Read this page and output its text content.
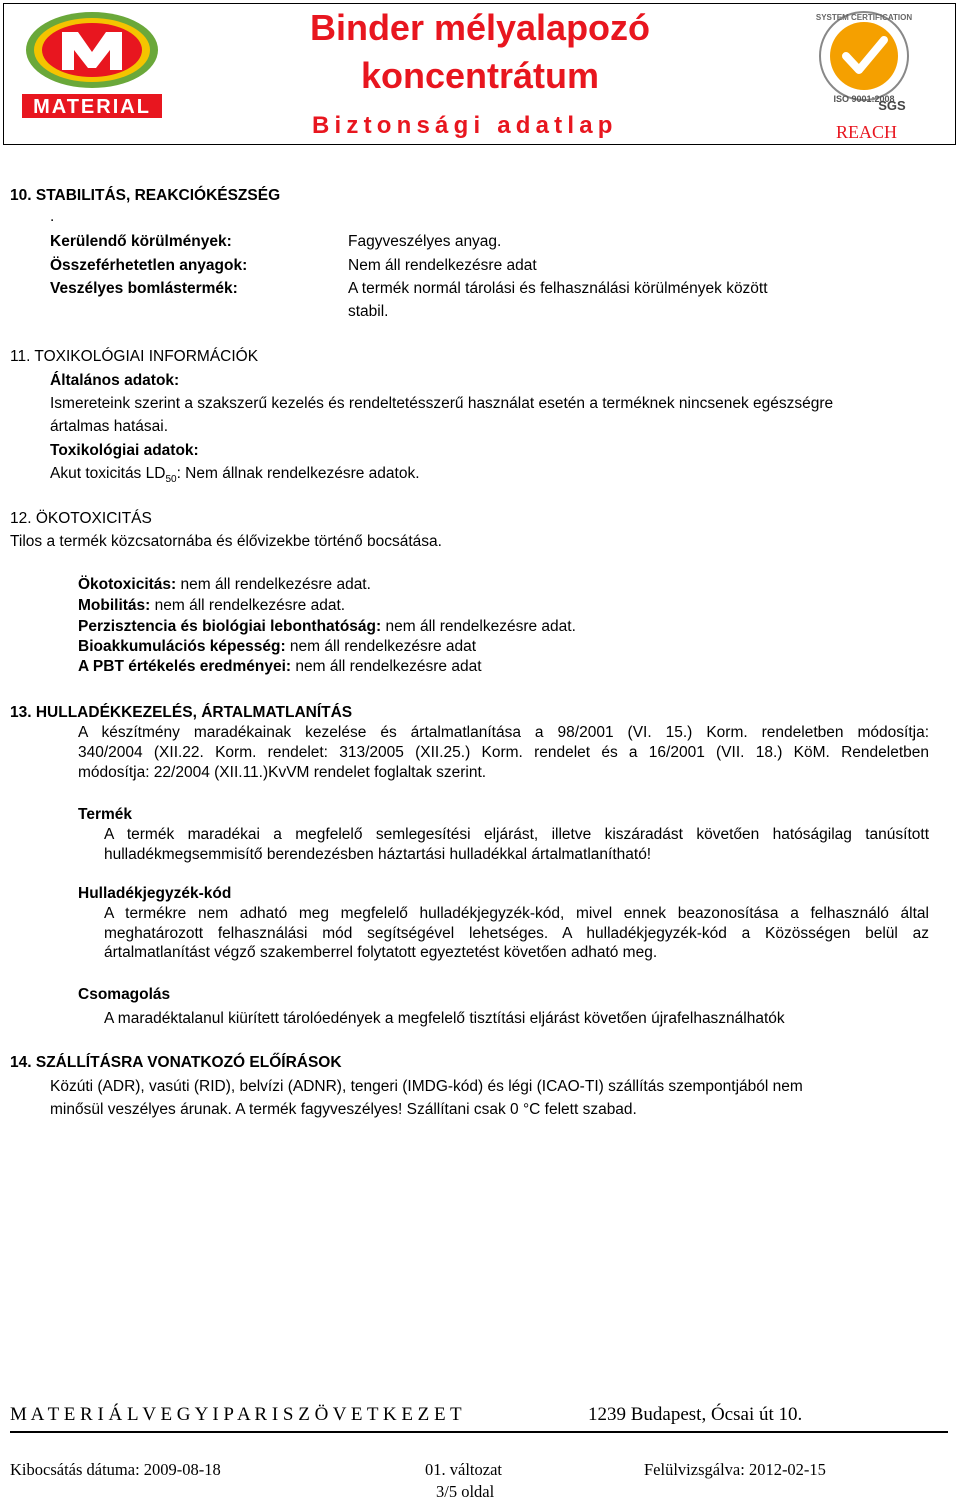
MATERIAL
Binder mélyalapozó
koncentrátum
Biztonsági adatlap
SYSTEM CERTIFICATION
ISO 9001:2008
SGS
REACH
10. STABILITÁS, REAKCIÓKÉSZSÉG
.
Kerülendő körülmények:	Fagyveszélyes anyag.
Összeférhetetlen anyagok:	Nem áll rendelkezésre adat
Veszélyes bomlástermék:	A termék normál tárolási és felhasználási körülmények között
stabil.
11. TOXIKOLÓGIAI INFORMÁCIÓK
Általános adatok:
Ismereteink szerint a szakszerű kezelés és rendeltetésszerű használat esetén a terméknek nincsenek egészségre
ártalmas hatásai.
Toxikológiai adatok:
Akut toxicitás $LD_{50}$: Nem állnak rendelkezésre adatok.
12. ÖKOTOXICITÁS
Tilos a termék közcsatornába és élővizekbe történő bocsátása.
Ökotoxicitás: nem áll rendelkezésre adat.
Mobilitás: nem áll rendelkezésre adat.
Perzisztencia és biológiai lebonthatóság: nem áll rendelkezésre adat.
Bioakkumulációs képesség: nem áll rendelkezésre adat
A PBT értékelés eredményei: nem áll rendelkezésre adat
13. HULLADÉKKEZELÉS, ÁRTALMATLANÍTÁS
A készítmény maradékainak kezelése és ártalmatlanítása a 98/2001 (VI. 15.) Korm. rendeletben módosítja:
340/2004 (XII.22. Korm. rendelet: 313/2005 (XII.25.) Korm. rendelet és a 16/2001 (VII. 18.) KöM. Rendeletben
módosítja: 22/2004 (XII.11.)KvVM rendelet foglaltak szerint.
Termék
A termék maradékai a megfelelő semlegesítési eljárást, illetve kiszáradást követően hatóságilag tanúsított
hulladékmegsemmisítő berendezésben háztartási hulladékkal ártalmatlanítható!
Hulladékjegyzék-kód
A termékre nem adható meg megfelelő hulladékjegyzék-kód, mivel ennek beazonosítása a felhasználó által
meghatározott felhasználási mód segítségével lehetséges. A hulladékjegyzék-kód a Közösségen belül az
ártalmatlanítást végző szakemberrel folytatott egyeztetést követően adható meg.
Csomagolás
A maradéktalanul kiürített tárolóedények a megfelelő tisztítási eljárást követően újrafelhasználhatók
14. SZÁLLÍTÁSRA VONATKOZÓ ELŐÍRÁSOK
Közúti (ADR), vasúti (RID), belvízi (ADNR), tengeri (IMDG-kód) és légi (ICAO-TI) szállítás szempontjából nem
minősül veszélyes árunak. A termék fagyveszélyes! Szállítani csak 0 °C felett szabad.
M A T E R I Á L V E G Y I P A R I S Z Ö V E T K E Z E T	1239 Budapest, Ócsai út 10.
Kibocsátás dátuma: 2009-08-18	01. változat	Felülvizsgálva: 2012-02-15
3/5 oldal
